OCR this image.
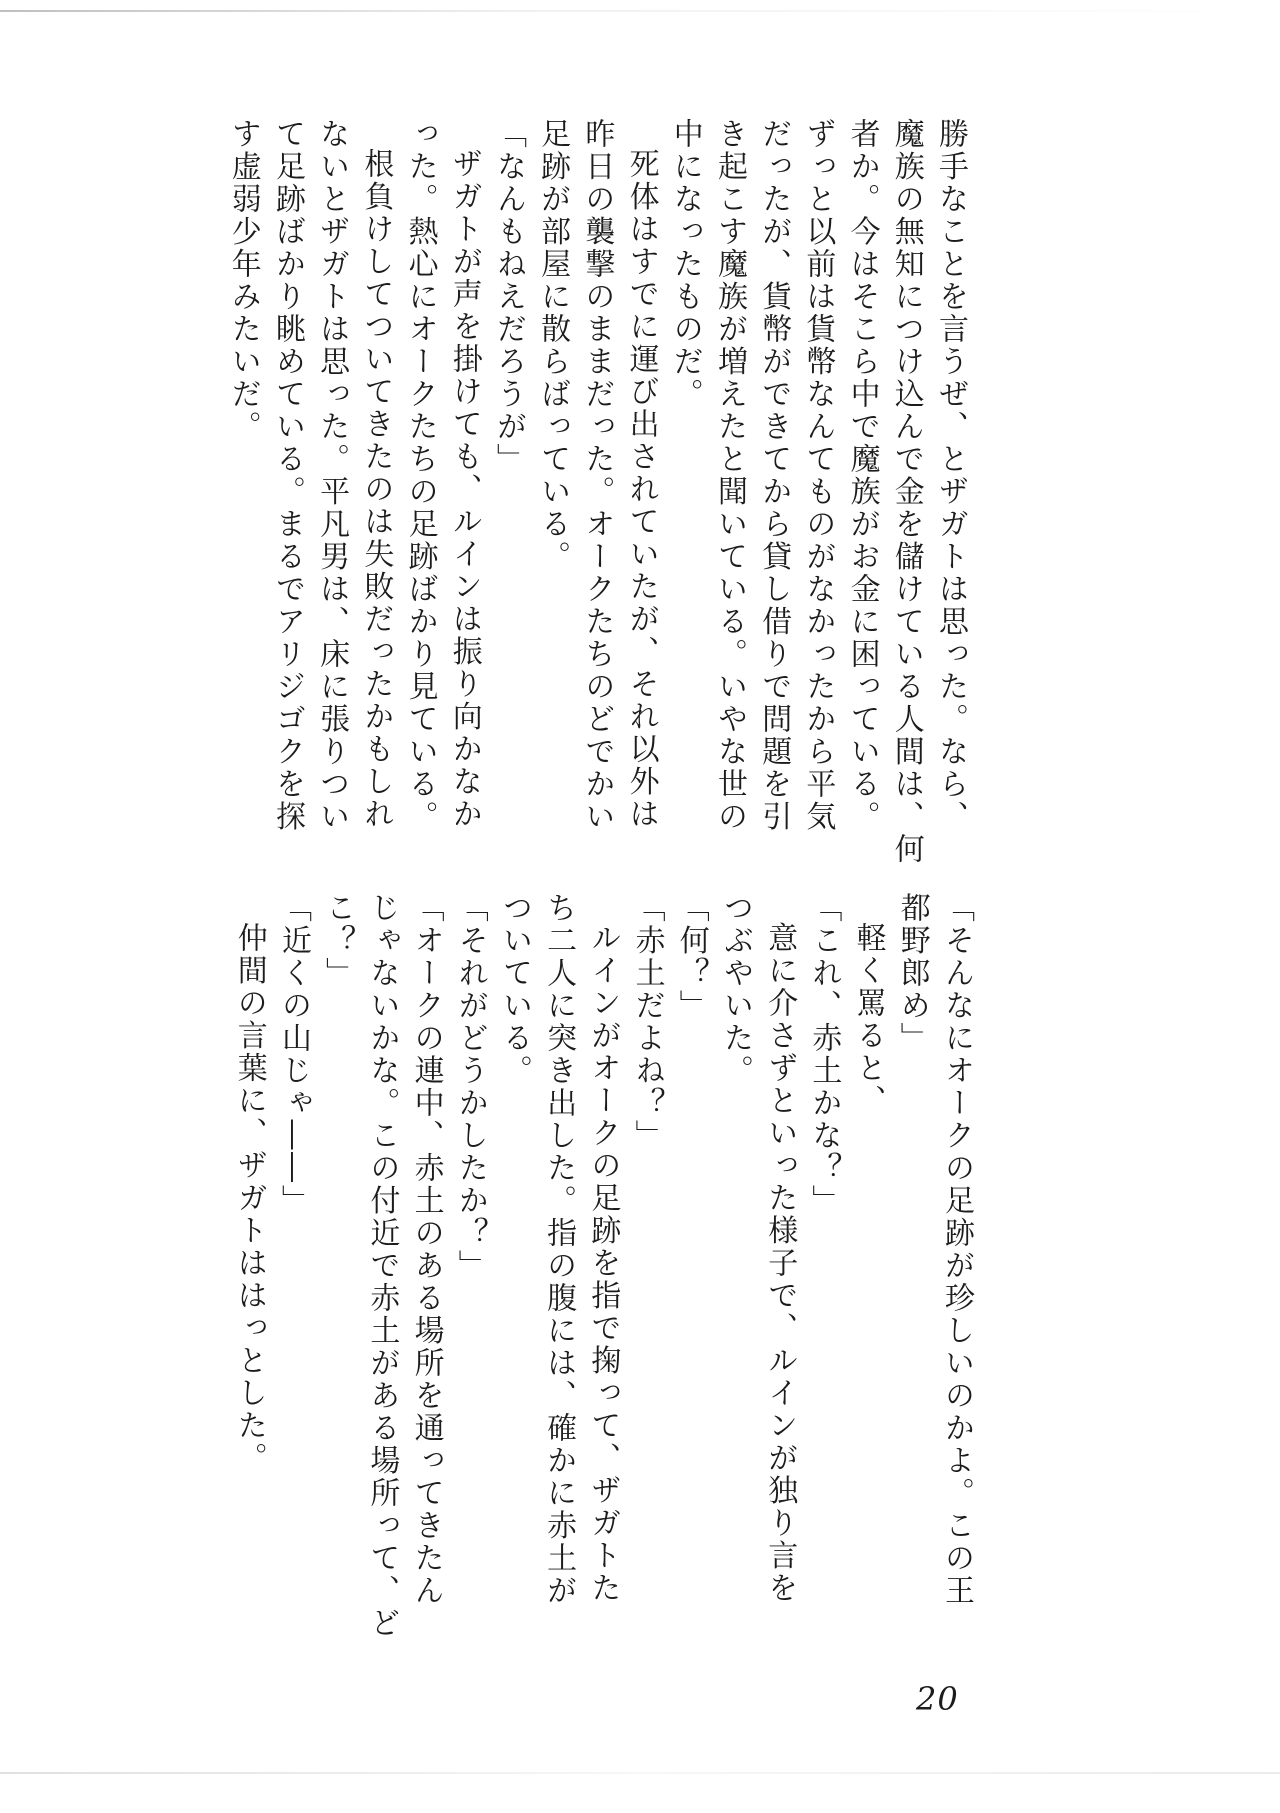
勝手なことを言うぜ、とザガトは思った。なら、

魔族の無知につけ込んで金を儲けている人間は、何

者か。今はそこら中で魔族がお金に困っている。

ずっと以前は貨幣なんてものがなかったから平気

だったが、貨幣ができてから貸し借りで問題を引

き起こす魔族が増えたと聞いている。いやな世の

中になったものだ。

死体はすでに運び出されていたが、それ以外は

昨日の襲撃のままだった。オークたちのどでかい

足跡が部屋に散らばっている。

「なんもねえだろうが」

ザガトが声を掛けても、ルインは振り向かなか

った。熱心にオークたちの足跡ばかり見ている。

根負けしてついてきたのは失敗だったかもしれ

ないとザガトは思った。平凡男は、床に張りつい

て足跡ばかり眺めている。まるでアリジゴクを探

す虚弱少年みたいだ。

「そんなにオークの足跡が珍しいのかよ。この王

都野郎め」

軽く罵ると、

「これ、赤土かな？」

意に介さずといった様子で、ルインが独り言を

つぶやいた。

「何？」

「赤土だよね？」

ルインがオークの足跡を指で掬って、ザガトた

ち二人に突き出した。指の腹には、確かに赤土が

ついている。

「それがどうかしたか？」

「オークの連中、赤土のある場所を通ってきたん

じゃないかな。この付近で赤土がある場所って、ど

こ？」

「近くの山じゃ――」

仲間の言葉に、ザガトははっとした。

20
